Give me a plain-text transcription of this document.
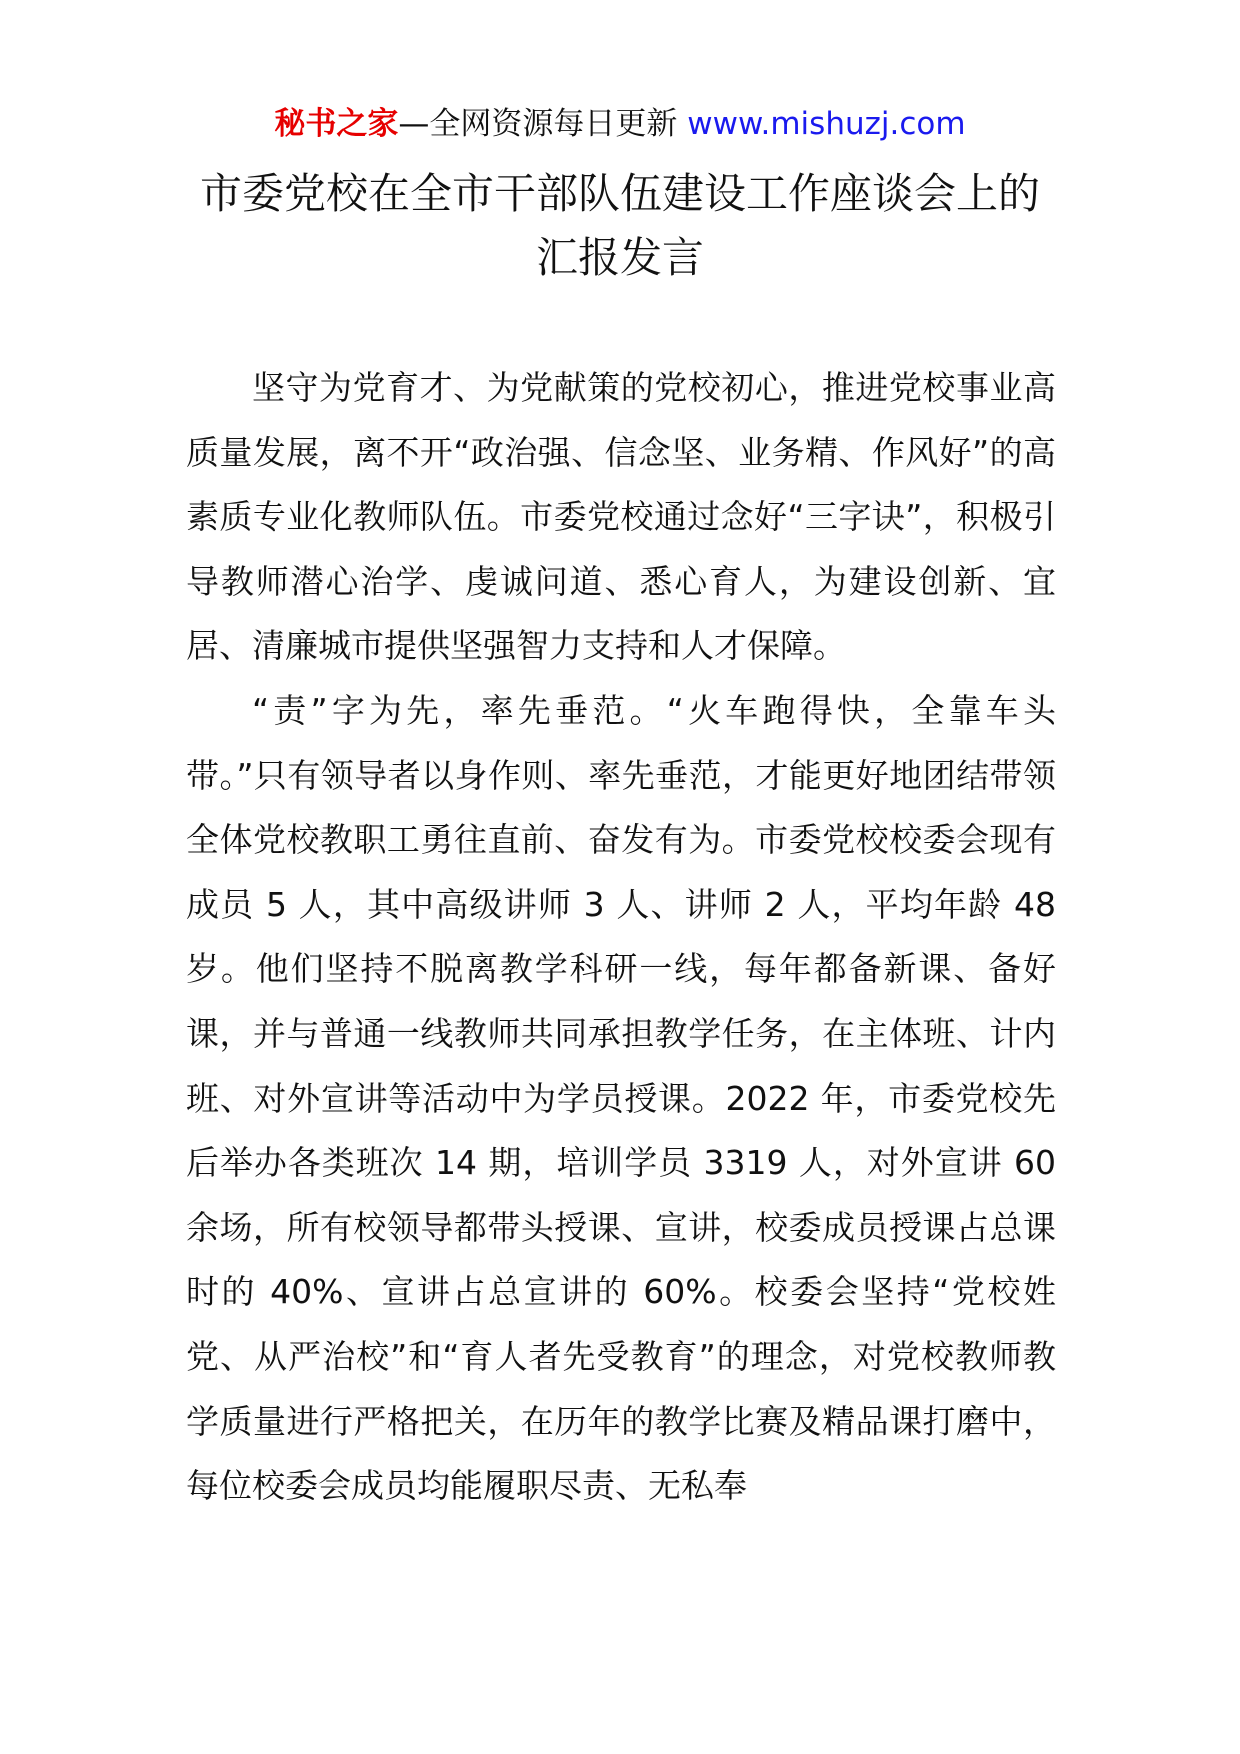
秘书之家—全网资源每日更新 www.mishuzj.com
市委党校在全市干部队伍建设工作座谈会上的
汇报发言

坚守为党育才、为党献策的党校初心，推进党校事业高质量发展，离不开“政治强、信念坚、业务精、作风好”的高素质专业化教师队伍。市委党校通过念好“三字诀”，积极引导教师潜心治学、虔诚问道、悉心育人，为建设创新、宜居、清廉城市提供坚强智力支持和人才保障。

“责”字为先，率先垂范。“火车跑得快，全靠车头带。”只有领导者以身作则、率先垂范，才能更好地团结带领全体党校教职工勇往直前、奋发有为。市委党校校委会现有成员 5 人，其中高级讲师 3 人、讲师 2 人，平均年龄 48 岁。他们坚持不脱离教学科研一线，每年都备新课、备好课，并与普通一线教师共同承担教学任务，在主体班、计内班、对外宣讲等活动中为学员授课。2022 年，市委党校先后举办各类班次 14 期，培训学员 3319 人，对外宣讲 60 余场，所有校领导都带头授课、宣讲，校委成员授课占总课时的 40%、宣讲占总宣讲的 60%。校委会坚持“党校姓党、从严治校”和“育人者先受教育”的理念，对党校教师教学质量进行严格把关，在历年的教学比赛及精品课打磨中，每位校委会成员均能履职尽责、无私奉
